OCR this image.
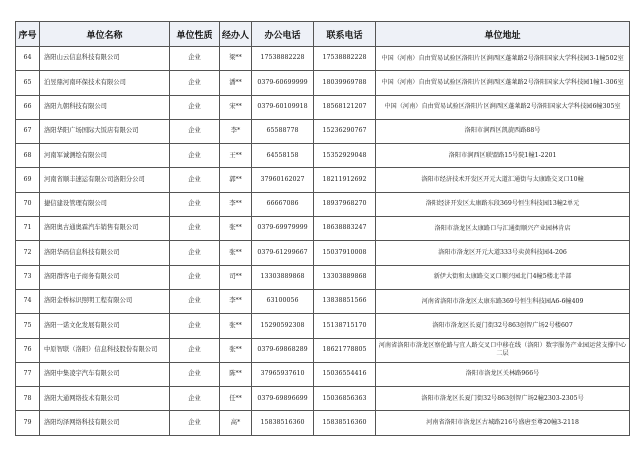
序号	单位名称	单位性质	经办人	办公电话	联系电话	单位地址
64	洛阳山云信息科技有限公司	企业	梁**	17538882228	17538882228	中国（河南）自由贸易试验区洛阳片区涧西区蓬莱路2号洛阳国家大学科技园3-1幢502室
65	泊昱鼎河南环保技术有限公司	企业	潘**	0379-60699999	18039969788	中国（河南）自由贸易试验区洛阳片区涧西区蓬莱路2号洛阳国家大学科技园1幢1-306室
66	洛阳九朝科技有限公司	企业	宋**	0379-60109918	18568121207	中国（河南）自由贸易试验区洛阳片区涧西区蓬莱路2号洛阳国家大学科技园6幢305室
67	洛阳华阳广场国际大饭店有限公司	企业	李*	65588778	15236290767	洛阳市涧西区凯旋西路88号
68	河南军诚测绘有限公司	企业	王**	64558158	15352929048	洛阳市涧西区联盟路15号院1幢1-2201
69	河南省顺丰速运有限公司洛阳分公司	企业	郭**	37960162027	18211912692	洛阳市经济技术开发区开元大道汇通街与太康路交叉口10幢
70	捷信建设管理有限公司	企业	李**	66667086	18937968270	洛阳经济开发区太康路东段369号恒生科技园13幢2单元
71	洛阳奥古通奥霖汽车销售有限公司	企业	张**	0379-69979999	18638883247	洛阳市洛龙区太康路口与汇通街顺兴产业园林肯店
72	洛阳华码信息科技有限公司	企业	张**	0379-61299667	15037910008	洛阳市洛龙区开元大道333号卖黄科技园4-206
73	洛阳群客电子商务有限公司	企业	司**	13303889868	13303889868	新伊大街和太康路交叉口顺兴园北门4幢5楼北半部
74	洛阳金桥标识照明工程有限公司	企业	李**	63100056	13838851566	河南省洛阳市洛龙区太康东路369号恒生科技园A6-6幢409
75	洛阳一诺文化发展有限公司	企业	张**	15290592308	15138715170	洛阳市洛龙区长夏门街32号863创智广场2号楼607
76	中原智联（洛阳）信息科技股份有限公司	企业	张**	0379-69868289	18621778805	河南省洛阳市洛龙区察伦路与宜人路交叉口中移在线（洛阳）数字服务产业园运营支撑中心二层
77	洛阳中集凌宇汽车有限公司	企业	陈**	37965937610	15036554416	洛阳市洛龙区关林路966号
78	洛阳大通网络技术有限公司	企业	任**	0379-69896699	15036856363	洛阳市洛龙区长夏门街32号863创智广场2幢2303-2305号
79	洛阳均泽网络科技有限公司	企业	高*	15838516360	15838516360	河南省洛阳市洛龙区古城路216号盛唐至尊20幢3-2118
